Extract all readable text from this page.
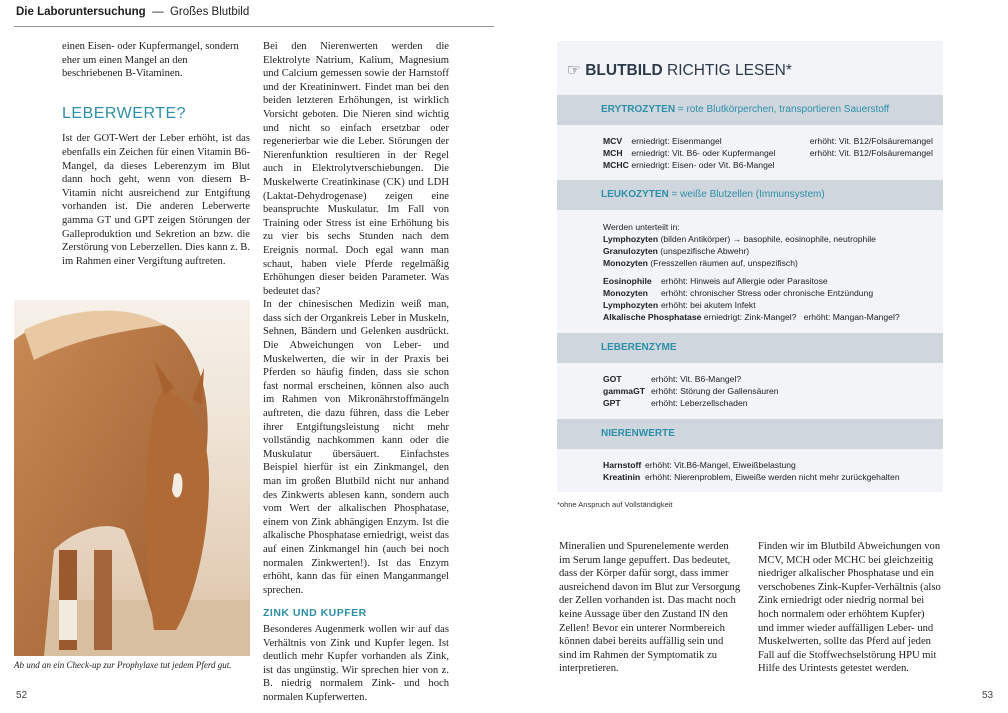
Die Laboruntersuchung — Großes Blutbild

einen Eisen- oder Kupfermangel, sondern eher um einen Mangel an den beschriebenen B-Vitaminen.

LEBERWERTE?

Ist der GOT-Wert der Leber erhöht, ist das ebenfalls ein Zeichen für einen Vitamin B6-Mangel, da dieses Leberenzym im Blut dann hoch geht, wenn von diesem B-Vitamin nicht ausreichend zur Entgiftung vorhanden ist. Die anderen Leberwerte gamma GT und GPT zeigen Störungen der Galleproduktion und Sekretion an bzw. die Zerstörung von Leberzellen. Dies kann z. B. im Rahmen einer Vergiftung auftreten.

Ab und an ein Check-up zur Prophylaxe tut jedem Pferd gut.

Bei den Nierenwerten werden die Elektrolyte Natrium, Kalium, Magnesium und Calcium gemessen sowie der Harnstoff und der Kreatininwert. Findet man bei den beiden letzteren Erhöhungen, ist wirklich Vorsicht geboten. Die Nieren sind wichtig und nicht so einfach ersetzbar oder regenerierbar wie die Leber. Störungen der Nierenfunktion resultieren in der Regel auch in Elektrolytverschiebungen. Die Muskelwerte Creatinkinase (CK) und LDH (Laktat-Dehydrogenase) zeigen eine beanspruchte Muskulatur. Im Fall von Training oder Stress ist eine Erhöhung bis zu vier bis sechs Stunden nach dem Ereignis normal. Doch egal wann man schaut, haben viele Pferde regelmäßig Erhöhungen dieser beiden Parameter. Was bedeutet das?

In der chinesischen Medizin weiß man, dass sich der Organkreis Leber in Muskeln, Sehnen, Bändern und Gelenken ausdrückt. Die Abweichungen von Leber- und Muskelwerten, die wir in der Praxis bei Pferden so häufig finden, dass sie schon fast normal erscheinen, können also auch im Rahmen von Mikronährstoffmängeln auftreten, die dazu führen, dass die Leber ihrer Entgiftungsleistung nicht mehr vollständig nachkommen kann oder die Muskulatur übersäuert. Einfachstes Beispiel hierfür ist ein Zinkmangel, den man im großen Blutbild nicht nur anhand des Zinkwerts ablesen kann, sondern auch vom Wert der alkalischen Phosphatase, einem von Zink abhängigen Enzym. Ist die alkalische Phosphatase erniedrigt, weist das auf einen Zinkmangel hin (auch bei noch normalen Zinkwerten!). Ist das Enzym erhöht, kann das für einen Manganmangel sprechen.

ZINK UND KUPFER

Besonderes Augenmerk wollen wir auf das Verhältnis von Zink und Kupfer legen. Ist deutlich mehr Kupfer vorhanden als Zink, ist das ungünstig. Wir sprechen hier von z. B. niedrig normalem Zink- und hoch normalen Kupferwerten.

52	53
☞ BLUTBILD RICHTIG LESEN*
ERYTROZYTEN = rote Blutkörperchen, transportieren Sauerstoff
MCV erniedrigt: Eisenmangel	erhöht: Vit. B12/Folsäuremangel
MCH erniedrigt: Vit. B6- oder Kupfermangel	erhöht: Vit. B12/Folsäuremangel
MCHC erniedrigt: Eisen- oder Vit. B6-Mangel
LEUKOZYTEN = weiße Blutzellen (Immunsystem)
Werden unterteilt in:
Lymphozyten (bilden Antikörper) → basophile, eosinophile, neutrophile
Granulozyten (unspezifische Abwehr)
Monozyten (Fresszellen räumen auf, unspezifisch)
Eosinophile erhöht: Hinweis auf Allergie oder Parasitose
Monozyten erhöht: chronischer Stress oder chronische Entzündung
Lymphozyten erhöht: bei akutem Infekt
Alkalische Phosphatase erniedrigt: Zink-Mangel?   erhöht: Mangan-Mangel?
LEBERENZYME
GOT	erhöht: Vit. B6-Mangel?
gammaGT erhöht: Störung der Gallensäuren
GPT	erhöht: Leberzellschaden
NIERENWERTE
Harnstoff erhöht: Vit.B6-Mangel, Eiweißbelastung
Kreatinin erhöht: Nierenproblem, Eiweiße werden nicht mehr zurückgehalten
*ohne Anspruch auf Vollständigkeit

Mineralien und Spurenelemente werden im Serum lange gepuffert. Das bedeutet, dass der Körper dafür sorgt, dass immer ausreichend davon im Blut zur Versorgung der Zellen vorhanden ist. Das macht noch keine Aussage über den Zustand IN den Zellen! Bevor ein unterer Normbereich können dabei bereits auffällig sein und sind im Rahmen der Symptomatik zu interpretieren.

Finden wir im Blutbild Abweichungen von MCV, MCH oder MCHC bei gleichzeitig niedriger alkalischer Phosphatase und ein verschobenes Zink-Kupfer-Verhältnis (also Zink erniedrigt oder niedrig normal bei hoch normalem oder erhöhtem Kupfer) und immer wieder auffälligen Leber- und Muskelwerten, sollte das Pferd auf jeden Fall auf die Stoffwechselstörung HPU mit Hilfe des Urintests getestet werden.
